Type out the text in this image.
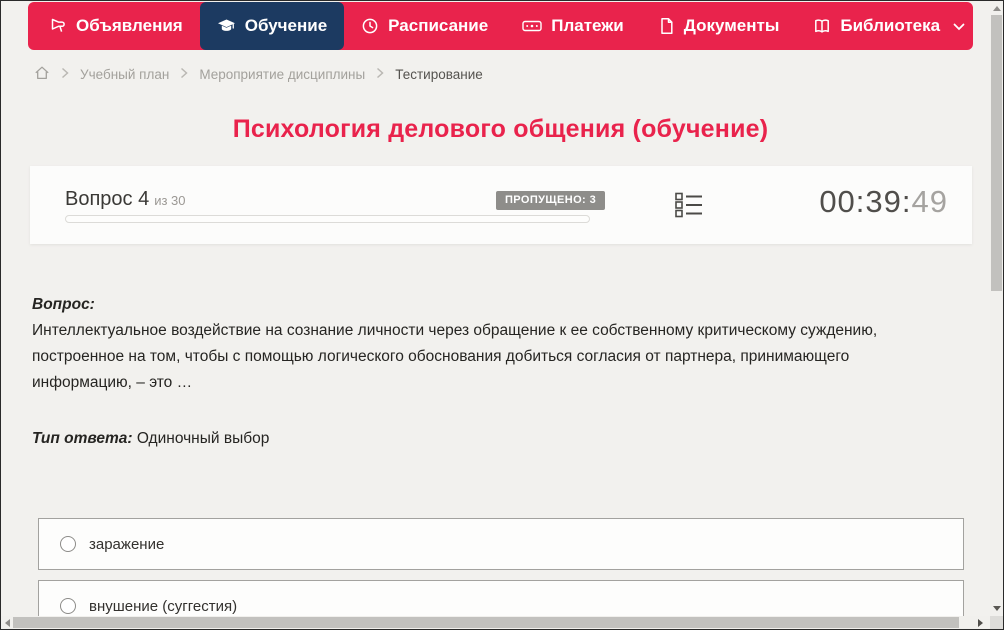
Объявления	Обучение	Расписание	Платежи	Документы	Библиотека
Учебный план Мероприятие дисциплины Тестирование
Психология делового общения (обучение)
Вопрос 4 из 30	ПРОПУЩЕНО: 3	00:39:49
Вопрос:
Интеллектуальное воздействие на сознание личности через обращение к ее собственному критическому суждению, построенное на том, чтобы с помощью логического обоснования добиться согласия от партнера, принимающего информацию, – это …
Тип ответа: Одиночный выбор
заражение
внушение (суггестия)
